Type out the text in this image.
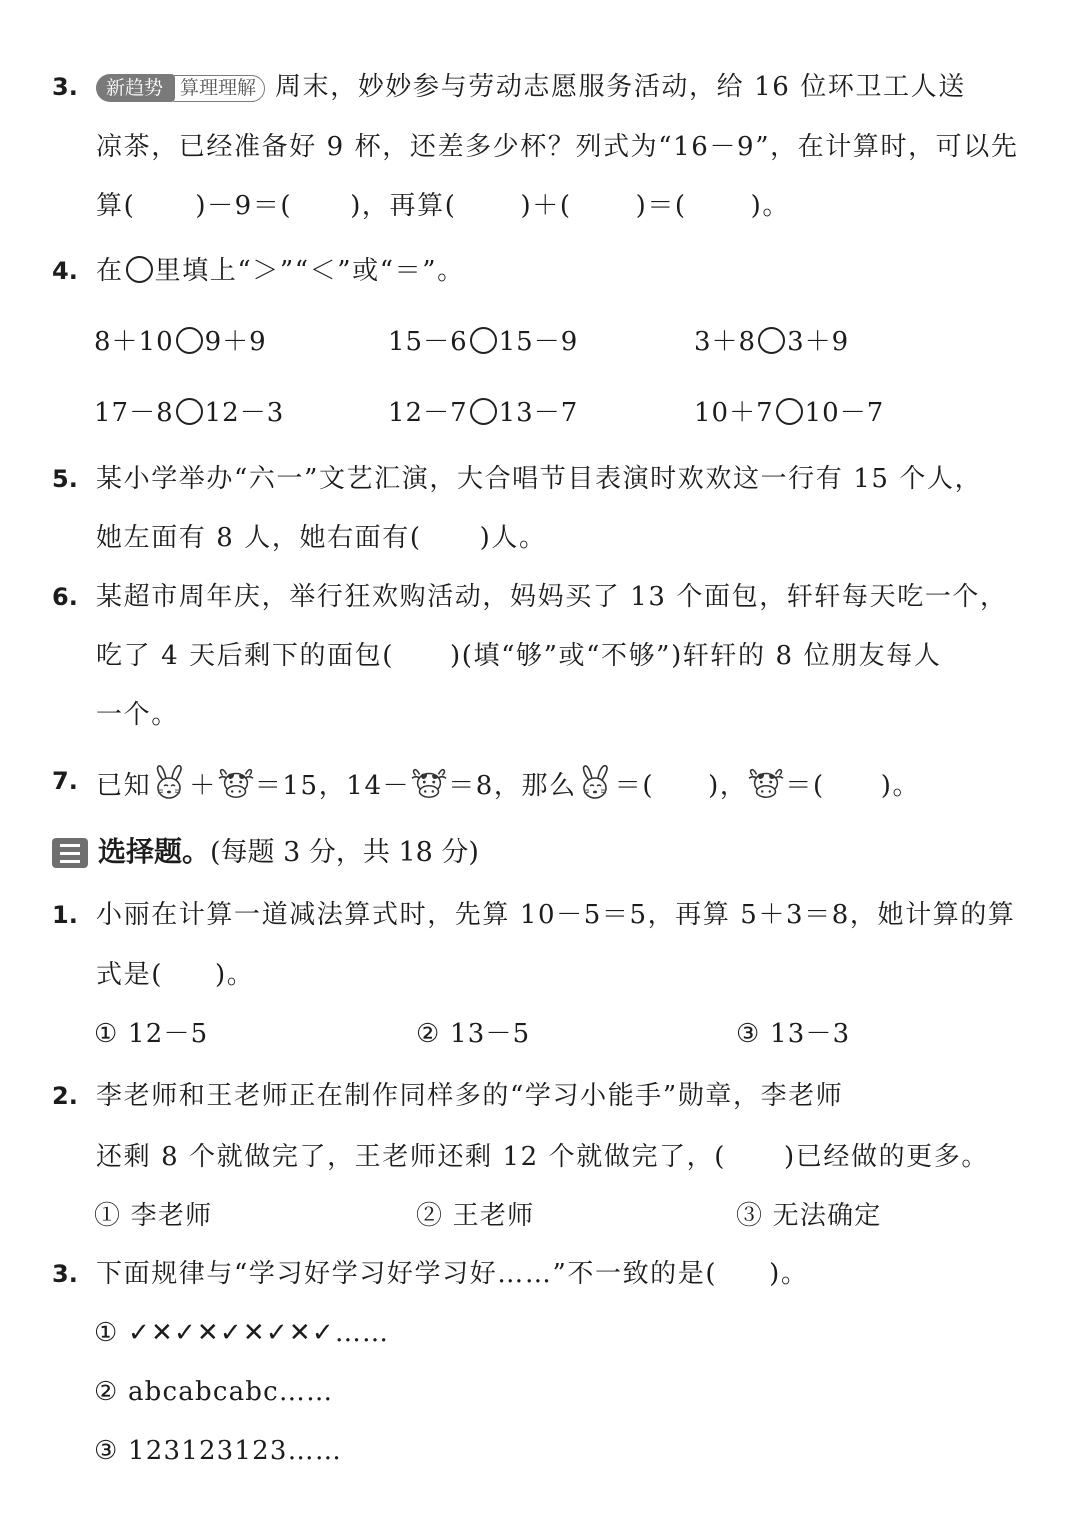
3.	新趋势 算理理解 周末，妙妙参与劳动志愿服务活动，给 16 位环卫工人送
凉茶，已经准备好 9 杯，还差多少杯？列式为“16－9”，在计算时，可以先
算( )－9＝( )，再算( )＋( )＝( )。
4. 在 里填上“＞”“＜”或“＝”。
8＋10 9＋9	15－6 15－9	3＋8 3＋9
17－8 12－3	12－7 13－7	10＋7 10－7
5. 某小学举办“六一”文艺汇演，大合唱节目表演时欢欢这一行有 15 个人，
她左面有 8 人，她右面有( )人。
6. 某超市周年庆，举行狂欢购活动，妈妈买了 13 个面包，轩轩每天吃一个，
吃了 4 天后剩下的面包( )(填“够”或“不够”)轩轩的 8 位朋友每人
一个。
7. 已知 ＋ ＝15，14－ ＝8，那么 ＝( )， ＝( )。
选择题。(每题 3 分，共 18 分)
1. 小丽在计算一道减法算式时，先算 10－5＝5，再算 5＋3＝8，她计算的算
式是( )。
① 12－5	② 13－5	③ 13－3
2. 李老师和王老师正在制作同样多的“学习小能手”勋章，李老师
还剩 8 个就做完了，王老师还剩 12 个就做完了，( )已经做的更多。
① 李老师	② 王老师	③ 无法确定
3. 下面规律与“学习好学习好学习好……”不一致的是( )。
① ✓✕✓✕✓✕✓✕✓……
② abcabcabc……
③ 123123123……
